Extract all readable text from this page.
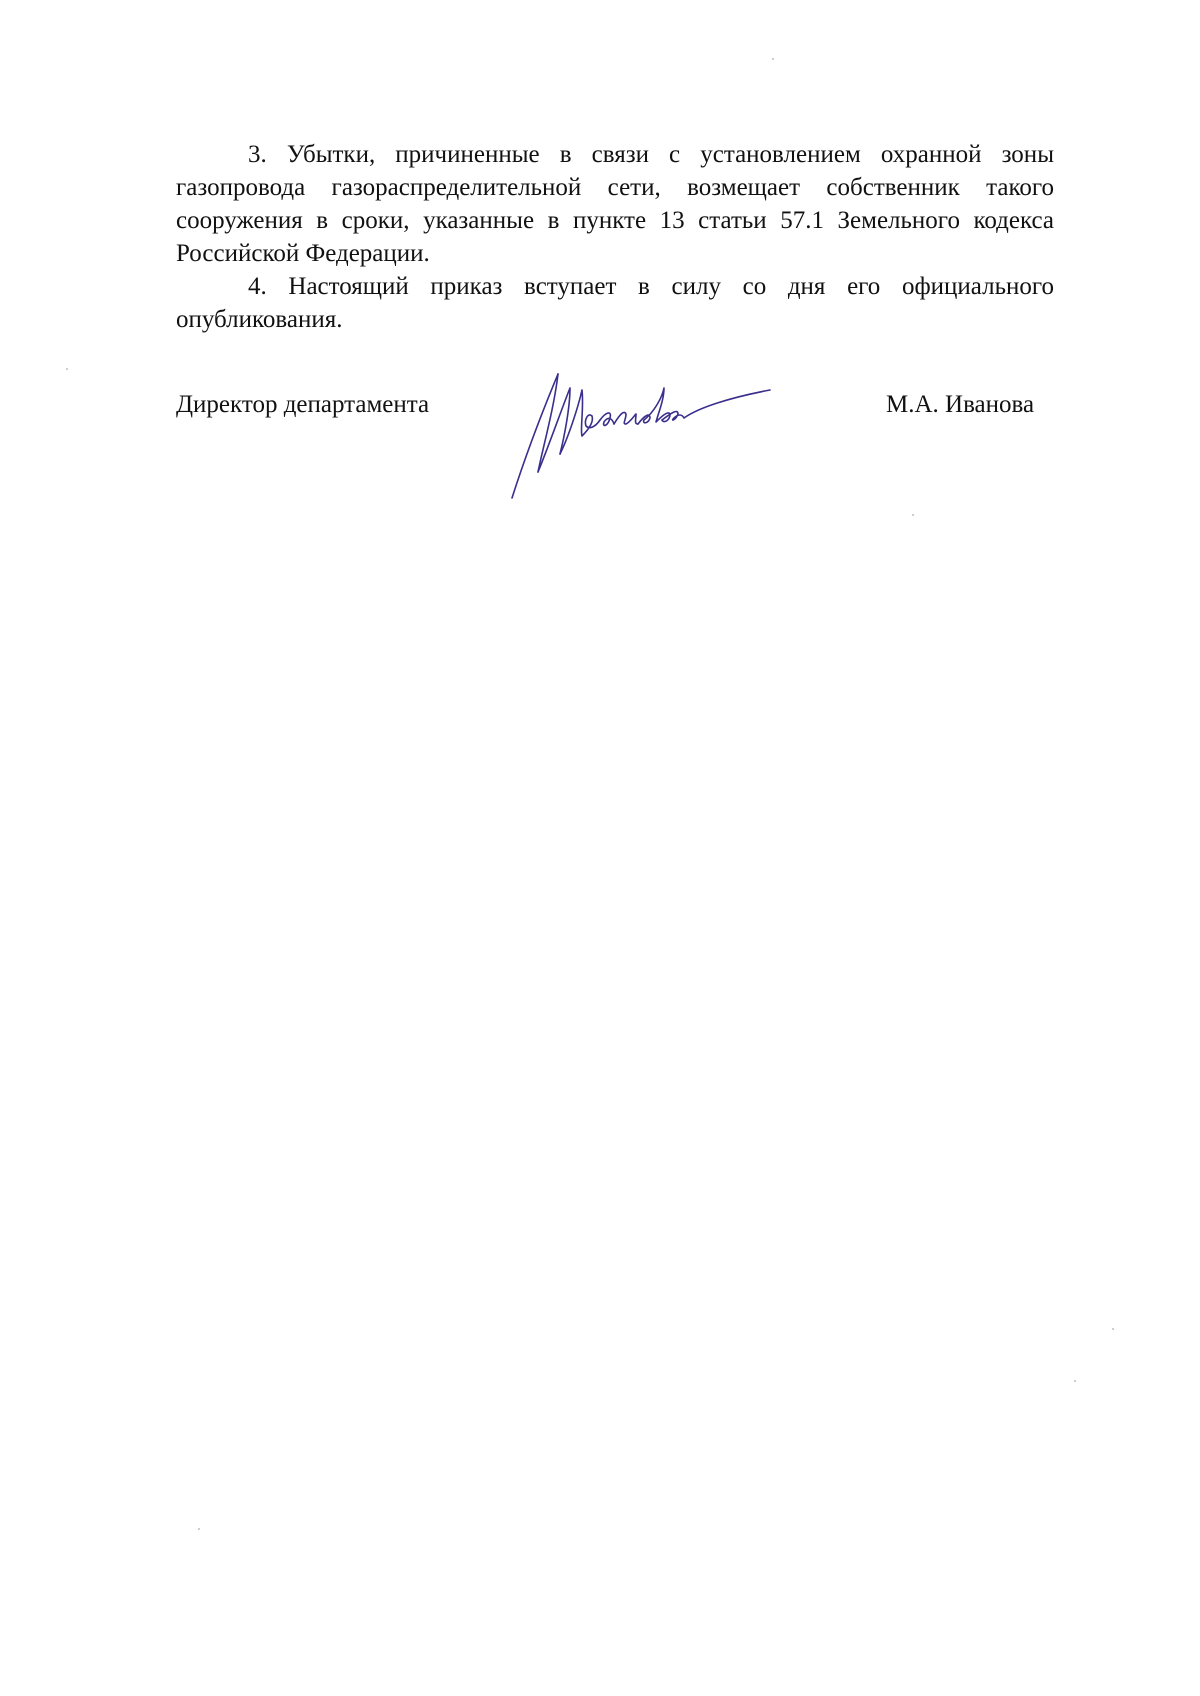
3. Убытки, причиненные в связи с установлением охранной зоны газопровода газораспределительной сети, возмещает собственник такого сооружения в сроки, указанные в пункте 13 статьи 57.1 Земельного кодекса Российской Федерации.

4. Настоящий приказ вступает в силу со дня его официального опубликования.

Директор департамента	М.А. Иванова
Иванова
